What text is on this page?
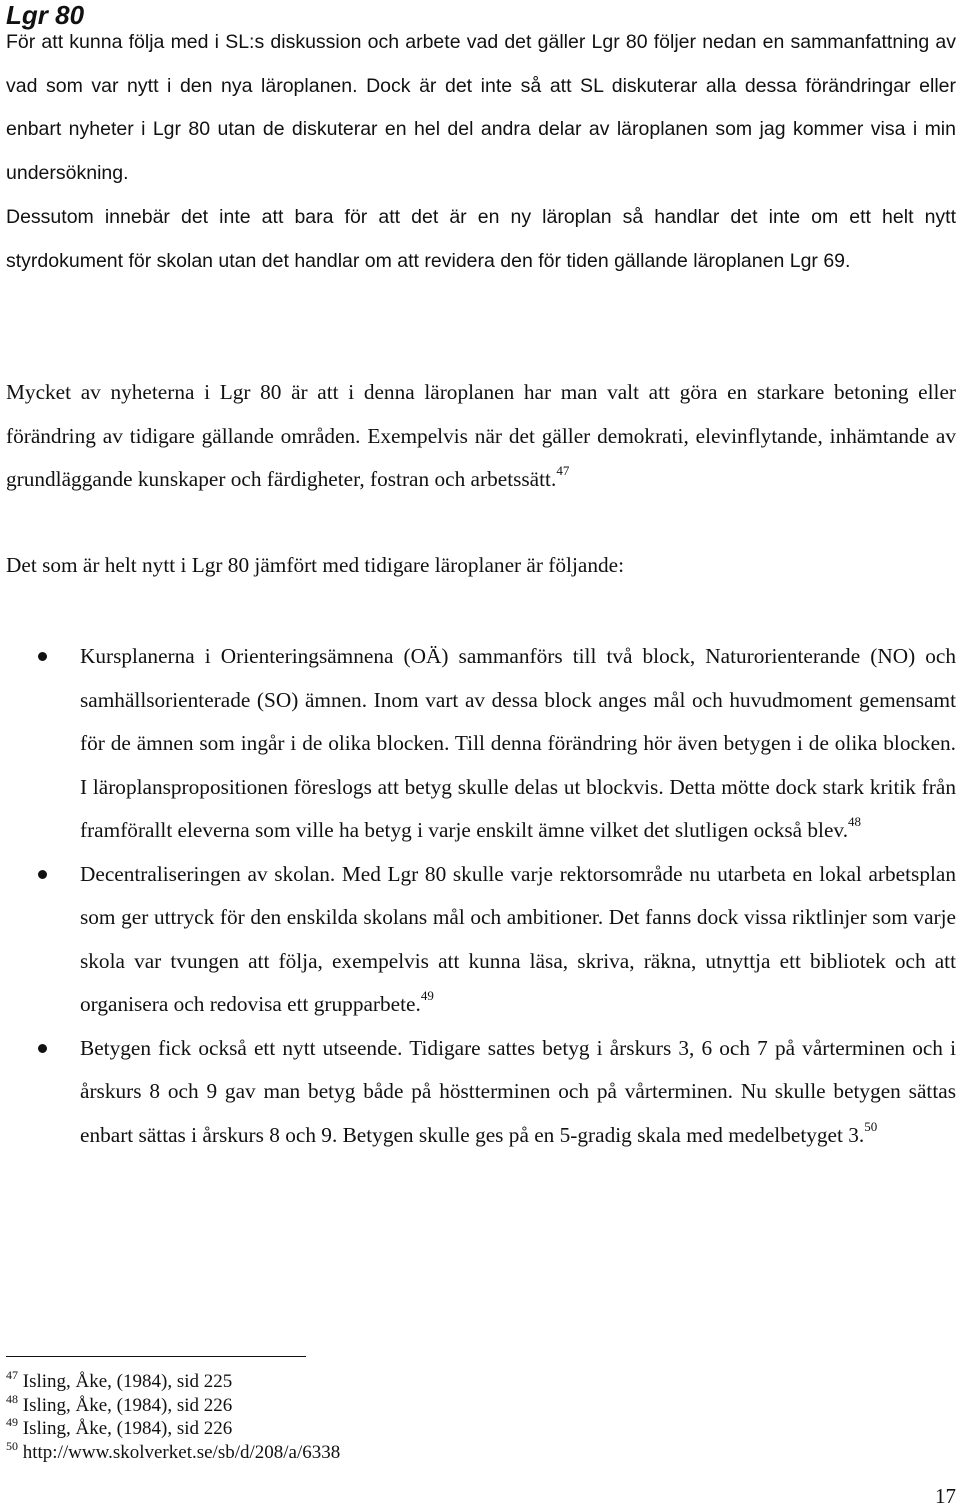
Lgr 80

För att kunna följa med i SL:s diskussion och arbete vad det gäller Lgr 80 följer nedan en sammanfattning av vad som var nytt i den nya läroplanen. Dock är det inte så att SL diskuterar alla dessa förändringar eller enbart nyheter i Lgr 80 utan de diskuterar en hel del andra delar av läroplanen som jag kommer visa i min undersökning.

Dessutom innebär det inte att bara för att det är en ny läroplan så handlar det inte om ett helt nytt styrdokument för skolan utan det handlar om att revidera den för tiden gällande läroplanen Lgr 69.

Mycket av nyheterna i Lgr 80 är att i denna läroplanen har man valt att göra en starkare betoning eller förändring av tidigare gällande områden. Exempelvis när det gäller demokrati, elevinflytande, inhämtande av grundläggande kunskaper och färdigheter, fostran och arbetssätt.$^{47}$

Det som är helt nytt i Lgr 80 jämfört med tidigare läroplaner är följande:

Kursplanerna i Orienteringsämnena (OÄ) sammanförs till två block, Naturorienterande (NO) och samhällsorienterade (SO) ämnen. Inom vart av dessa block anges mål och huvudmoment gemensamt för de ämnen som ingår i de olika blocken. Till denna förändring hör även betygen i de olika blocken. I läroplanspropositionen föreslogs att betyg skulle delas ut blockvis. Detta mötte dock stark kritik från framförallt eleverna som ville ha betyg i varje enskilt ämne vilket det slutligen också blev.$^{48}$
Decentraliseringen av skolan. Med Lgr 80 skulle varje rektorsområde nu utarbeta en lokal arbetsplan som ger uttryck för den enskilda skolans mål och ambitioner. Det fanns dock vissa riktlinjer som varje skola var tvungen att följa, exempelvis att kunna läsa, skriva, räkna, utnyttja ett bibliotek och att organisera och redovisa ett grupparbete.$^{49}$
Betygen fick också ett nytt utseende. Tidigare sattes betyg i årskurs 3, 6 och 7 på vårterminen och i årskurs 8 och 9 gav man betyg både på höstterminen och på vårterminen. Nu skulle betygen sättas enbart sättas i årskurs 8 och 9. Betygen skulle ges på en 5-gradig skala med medelbetyget 3.50
$^{47}$ Isling, Åke, (1984), sid 225
$^{48}$ Isling, Åke, (1984), sid 226
$^{49}$ Isling, Åke, (1984), sid 226
$^{50}$ http://www.skolverket.se/sb/d/208/a/6338
17
